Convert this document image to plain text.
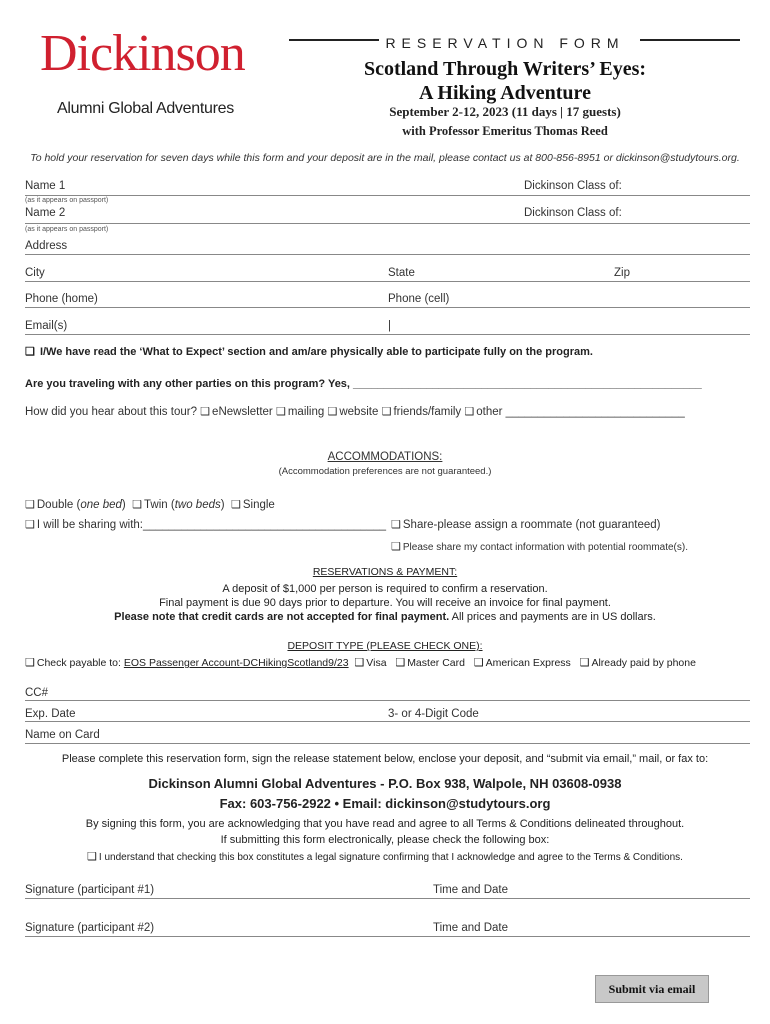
Dickinson
Alumni Global Adventures
RESERVATION FORM
Scotland Through Writers’ Eyes:
A Hiking Adventure
September 2-12, 2023 (11 days | 17 guests)
with Professor Emeritus Thomas Reed
To hold your reservation for seven days while this form and your deposit are in the mail, please contact us at 800-856-8951 or dickinson@studytours.org.
Name 1	Dickinson Class of:
(as it appears on passport)
Name 2	Dickinson Class of:
(as it appears on passport)
Address
City	State	Zip
Phone (home)	Phone (cell)
Email(s)	|
❑ I/We have read the ‘What to Expect’ section and am/are physically able to participate fully on the program.
Are you traveling with any other parties on this program? Yes, _________________________________________________________
How did you hear about this tour? ❑ eNewsletter ❑ mailing ❑ website ❑ friends/family ❑ other ____________________________
ACCOMMODATIONS:
(Accommodation preferences are not guaranteed.)
❑ Double (one bed) ❑ Twin (two beds) ❑ Single
❑ I will be sharing with:______________________________________ ❑ Share-please assign a roommate (not guaranteed)
❑ Please share my contact information with potential roommate(s).
RESERVATIONS & PAYMENT:
A deposit of $1,000 per person is required to confirm a reservation.
Final payment is due 90 days prior to departure. You will receive an invoice for final payment.
Please note that credit cards are not accepted for final payment. All prices and payments are in US dollars.
DEPOSIT TYPE (PLEASE CHECK ONE):
❑ Check payable to: EOS Passenger Account-DCHikingScotland9/23 ❑ Visa ❑ Master Card ❑ American Express ❑ Already paid by phone
CC#
Exp. Date	3- or 4-Digit Code
Name on Card
Please complete this reservation form, sign the release statement below, enclose your deposit, and “submit via email,” mail, or fax to:
Dickinson Alumni Global Adventures - P.O. Box 938, Walpole, NH 03608-0938
Fax: 603-756-2922 • Email: dickinson@studytours.org
By signing this form, you are acknowledging that you have read and agree to all Terms & Conditions delineated throughout.
If submitting this form electronically, please check the following box:
❑ I understand that checking this box constitutes a legal signature confirming that I acknowledge and agree to the Terms & Conditions.
Signature (participant #1)	Time and Date
Signature (participant #2)	Time and Date
Submit via email
